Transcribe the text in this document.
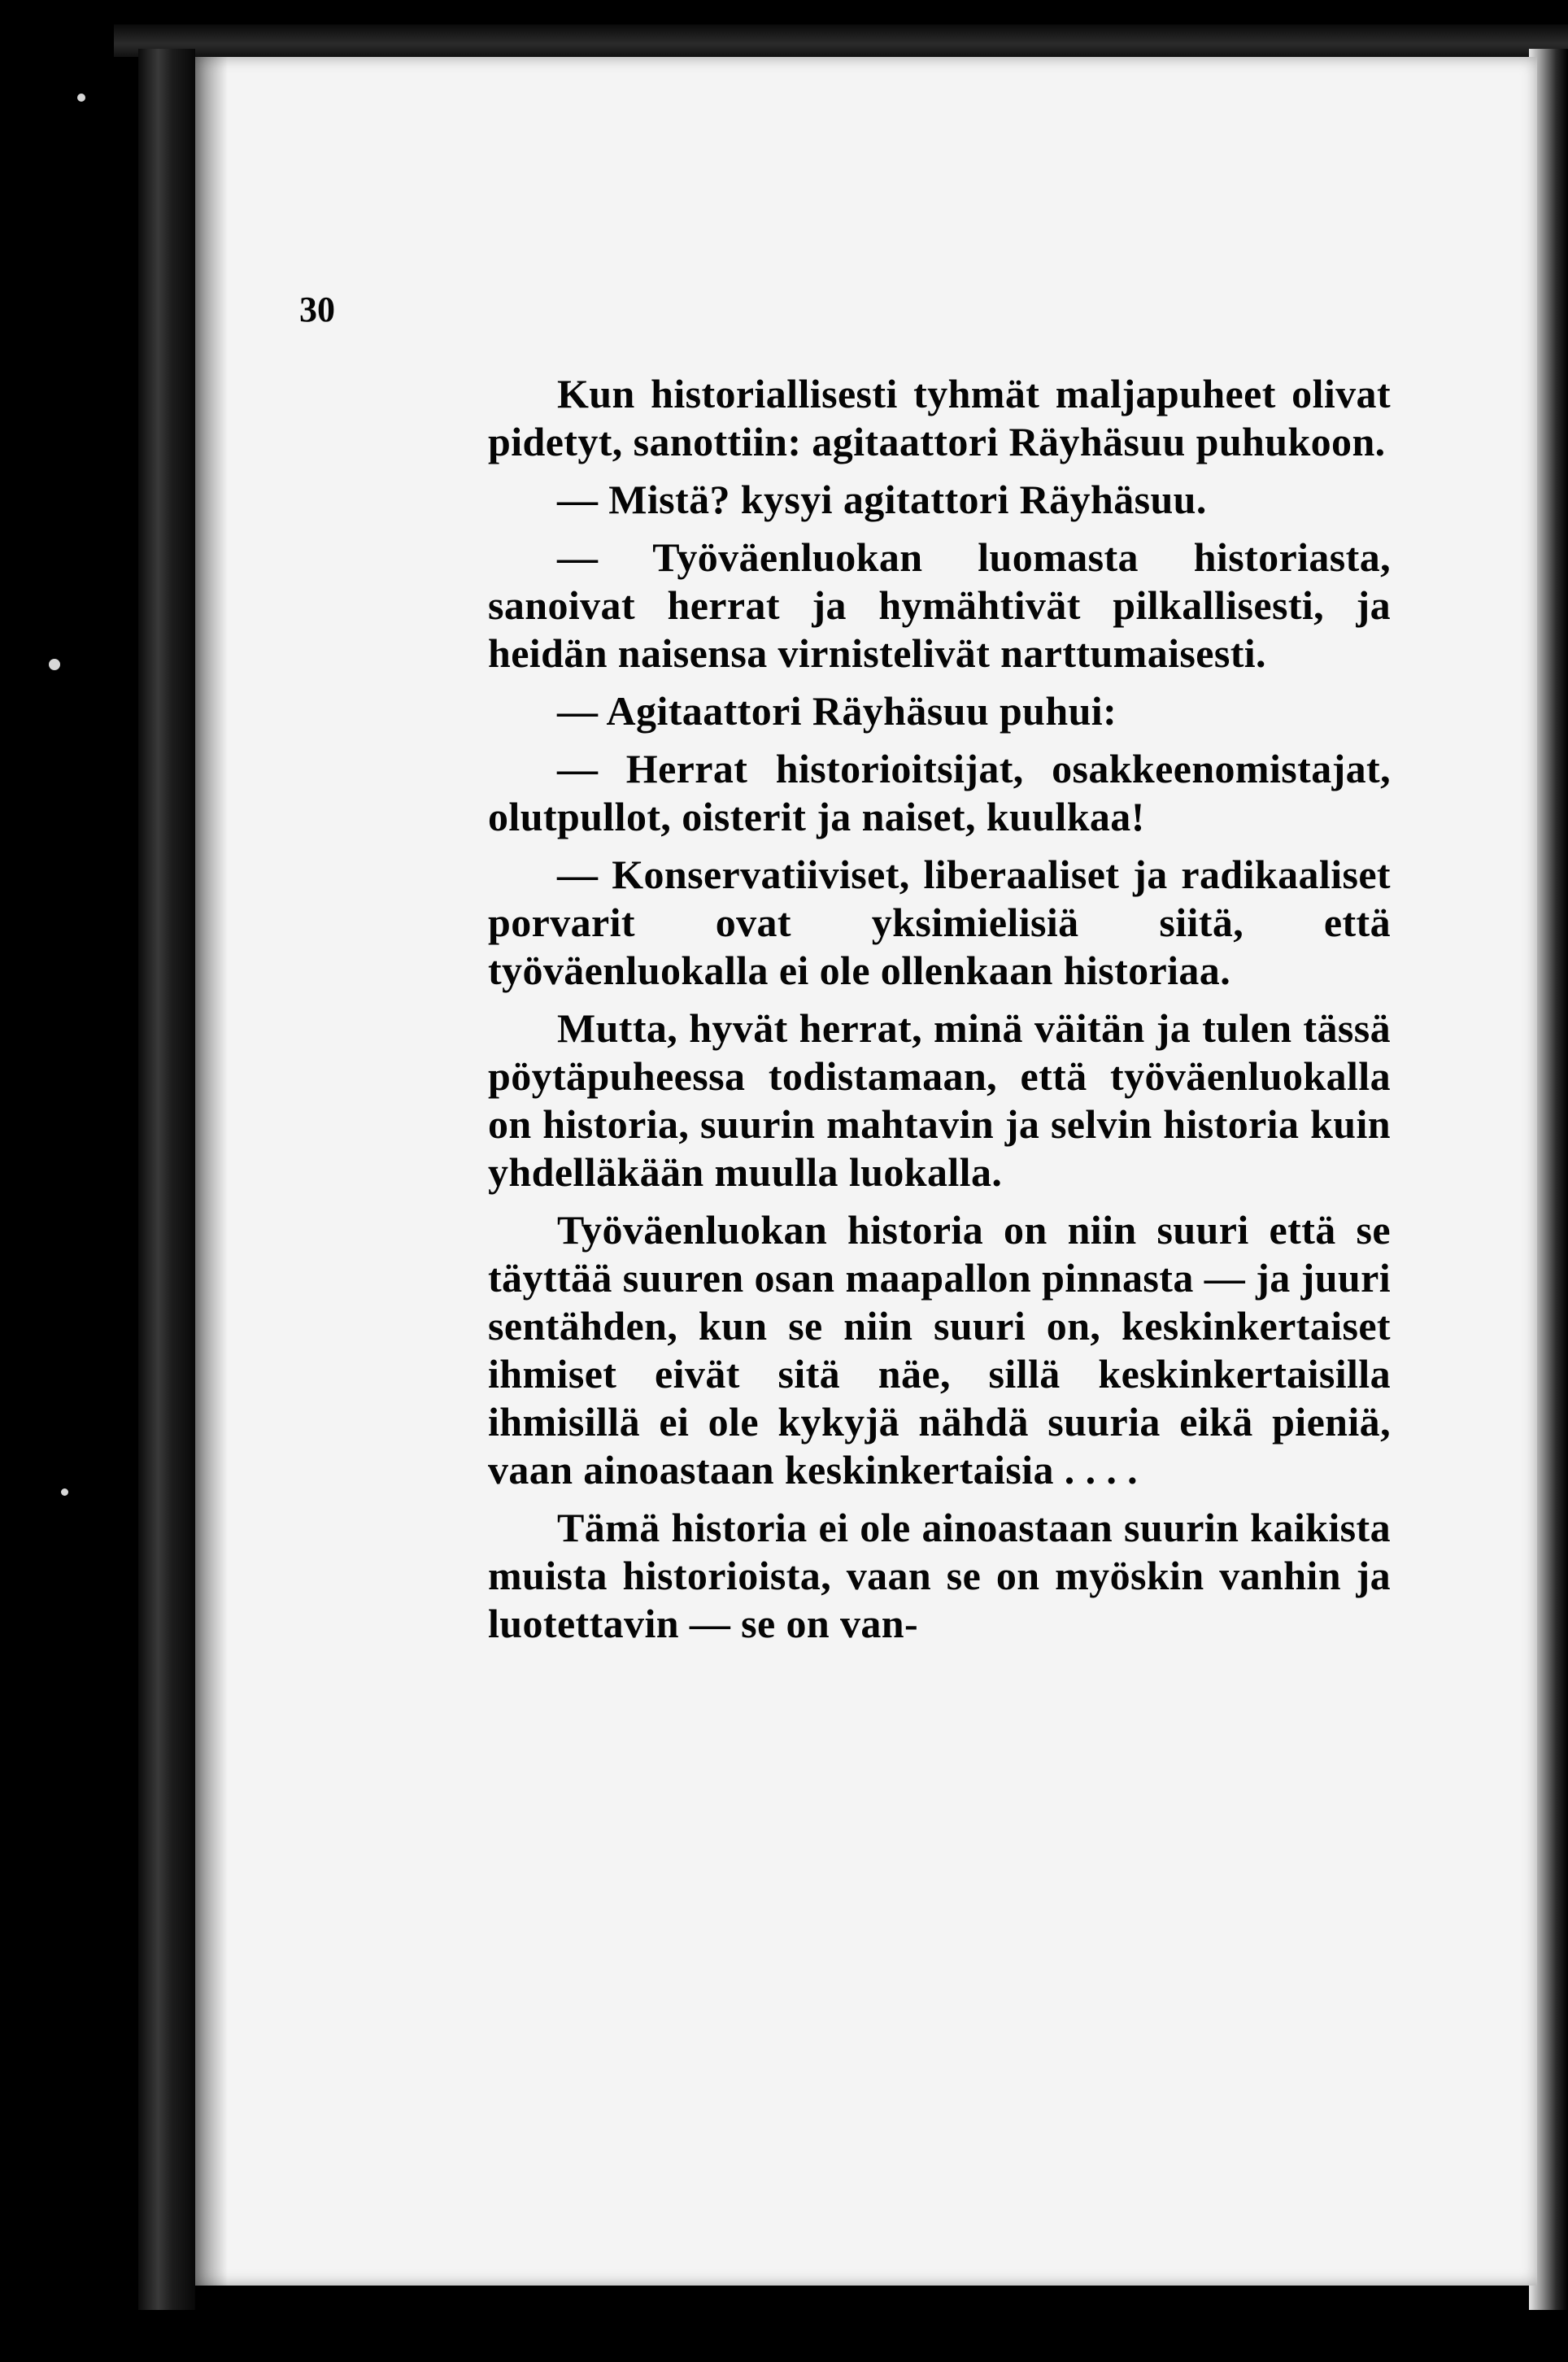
30

Kun historiallisesti tyhmät maljapuheet olivat pidetyt, sanottiin: agitaattori Räyhäsuu puhukoon.

— Mistä? kysyi agitattori Räyhäsuu.

— Työväenluokan luomasta historiasta, sanoivat herrat ja hymähtivät pilkallisesti, ja heidän naisensa virnistelivät narttumaisesti.

— Agitaattori Räyhäsuu puhui:

— Herrat historioitsijat, osakkeenomistajat, olutpullot, oisterit ja naiset, kuulkaa!

— Konservatiiviset, liberaaliset ja radikaaliset porvarit ovat yksimielisiä siitä, että työväenluokalla ei ole ollenkaan historiaa.

Mutta, hyvät herrat, minä väitän ja tulen tässä pöytäpuheessa todistamaan, että työväenluokalla on historia, suurin mahtavin ja selvin historia kuin yhdelläkään muulla luokalla.

Työväenluokan historia on niin suuri että se täyttää suuren osan maapallon pinnasta — ja juuri sentähden, kun se niin suuri on, keskinkertaiset ihmiset eivät sitä näe, sillä keskinkertaisilla ihmisillä ei ole kykyjä nähdä suuria eikä pieniä, vaan ainoastaan keskinkertaisia . . . .

Tämä historia ei ole ainoastaan suurin kaikista muista historioista, vaan se on myöskin vanhin ja luotettavin — se on van-
